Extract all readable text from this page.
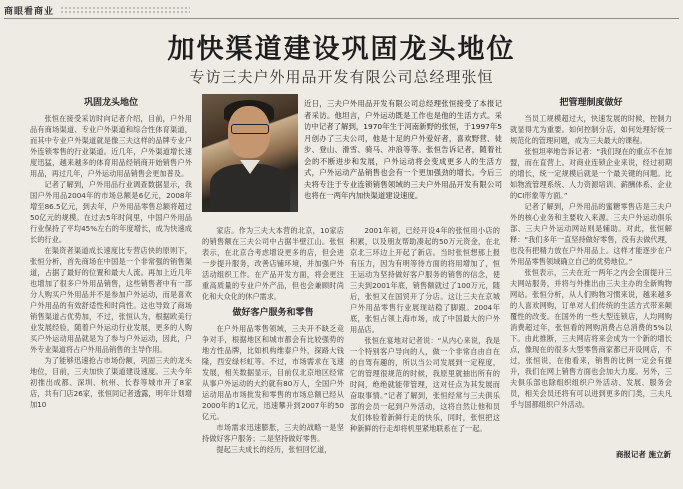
商眼看商业
加快渠道建设巩固龙头地位
专访三夫户外用品开发有限公司总经理张恒
近日，三夫户外用品开发有限公司总经理张恒接受了本报记者采访。他坦言，户外运动既是工作也是他的生活方式。采访中记者了解到，1970年生于河南新野的张恒，于1997年5月创办了三夫公司，他是十足的户外爱好者，喜欢野营、徒步、登山、滑雪、骑马、冲浪等等。张恒告诉记者，随着社会的不断进步和发展，户外运动将会变成更多人的生活方式，户外运动产品销售也会有一个更加强劲的增长。今后三夫将专注于专业连锁销售领域的三夫户外用品开发有限公司也将在一两年内加快渠道建设速度。
巩固龙头地位

张恒在接受采访时向记者介绍，目前，户外用品有商场渠道、专业户外渠道和综合性体育渠道，而其中专业户外渠道就是像三夫这样的品牌专业户外连锁零售的行业渠道。近几年，户外渠道增长速度迅猛，越来越多的体育用品经销商开始销售户外用品，再过几年，户外运动用品销售会更加普及。

记者了解到，户外用品行业调查数据显示，我国户外用品2004年的市场总额是6亿元，2008年增至86.5亿元，到去年，户外用品零售总额将超过50亿元的规模。在过去5年时间里，中国户外用品行业保持了平均45%左右的年度增长，成为快速成长的行业。

在渠资者渠道成长速度比专营店快的原则下，张恒分析，首先商场在中国是一个非常强的销售渠道，占据了最好的位置和最大人流。再加上近几年也增加了很多户外用品销售，这些销售者中有一部分人购买户外用品并不是参加户外运动，而是喜欢户外用品的有效舒适性和时尚性。这也导致了商场销售渠道占优势加，不过，张恒认为，根据欧美行业发展经验，随着户外运动行业发展，更多的人购买户外运动用品就是为了参与户外运动，因此，户外专业渠道将占户外用品销售的主导作用。

为了能够迅速抢占市场份额，巩固三夫的龙头地位，目前，三夫加快了渠道建设速度。三夫今年初推出成都、深圳、杭州、长春等城市开了8家店，共有门店26家，张恒同记者透露，明年计划增加10

家店。作为三夫大本营的北京，10家店的销售额在三夫公司中占据半壁江山。张恒表示，在北京合考虑增设更多的店，但会进一步提升服务，改善店铺环境，并加强户外活动组织工作。在产品开发方面，将会更注重高质量的专业户外产品，但也会兼顾时尚化和大众化的休户需求。

做好客户服务和零售

在户外用品零售领域，三夫开不缺乏竞争对手，根据地区和城市都会有比较强势的地方性品牌，比如机构维泰户外，探路大钱隆，西安绿杉虹等。不过，市场需求在飞速发展，相关数据显示，目前仅北京地区经常从事户外运动的大约就有80万人，全国户外运动用品市场批发和零售的市场总额已经从2000年的1亿元，迅速攀升到2007年的50亿元。

市场需求迅速膨胀，三夫的战略一是坚持做好客户服务；二是坚持做好零售。

提起三夫成长的经历，张恒回忆道，

2001年初，已经开设4年的张恒用小店的积累，以及朋友帮助凑起的50万元资金，在北京北三环边上开起了新店。当时张恒想那上报有压力，因为有明等待方面的将用增加了，恒王运动为坚持做好客户服务的销售的信念，使三夫到2001年底，销售额就过了100万元，随后，张恒又在国贸开了分店。这让三夫在京城户外用品零售行业展现站稳了脚跟。2004年底，张恒占领上海市场，成了中国最大的户外用品店。

张恒在宴地对记者说：“从内心来说，我是一个特别客户导向的人，做一个非常自由自在的自驾有趣的，所以当公司发展到一定程度，它的管理很规范的时候，我原里就抽出所有的时间，绝绝就能带管理，这对任点为其发展而奋取事情。”记者了解到，张恒经常与三夫俱乐部的会员一起到户外活动，这将自然让他和员友们体验着新鲜行走的快乐，同时，张恒把这种新鲜的行走却将机里紧地联系在了一起。

把管理制度做好

当员工规模超过大，快速发展的时候，控制力就显得尤为重要。如何控制分店，如何处理好统一规范化的管理问题，成为三夫最大的课程。

张恒坦率地告诉记者：“我们现在的重点不在加盟，而在直营上。对商业连锁企业来说，经过初期的增长，统一定规模后就是一个最关键的问题。比如物流管理系统、人力资源培训、薪酬体系、企业的CI形象等方面。”

记者了解到，户外用品的蜜糖零售店是三夫户外的核心业务和主要收入来源。三夫户外运动俱乐部、三夫户外运动网站则是辅助。对此，张恒解释：“我们多年一直坚持做好零售，没有去做代理，也没有把精力放在户外用品上。这样才能逐步在户外用品零售领域确立自己的优势地位。”

张恒表示，三夫在近一两年之内会全面提升三夫网站服务，并将与外推出由三夫主办的全新购物网站。张恒分析，从人们购物习惯来说，越来越多的人喜欢网购，订单对人们传统的生活方式带来颠覆性的改变。在国外的一些大型连锁店，人均网购消费超过年，张恒看的网购消费占总消费的5%以下。由此推断，三夫网店将来会成为一个新的增长点，像现在的很多大型零售商家都已开设网店，不过，张恒说，在他看来，销售的比例一定会有提升，我们在网上销售方面也会加大力度。另外，三夫俱乐部也除组织组织户外活动、发展、服务会员，相关会员还将有可以进到更多的门类，三夫凡乎与国都组织户外活动。

商报记者 施立新
